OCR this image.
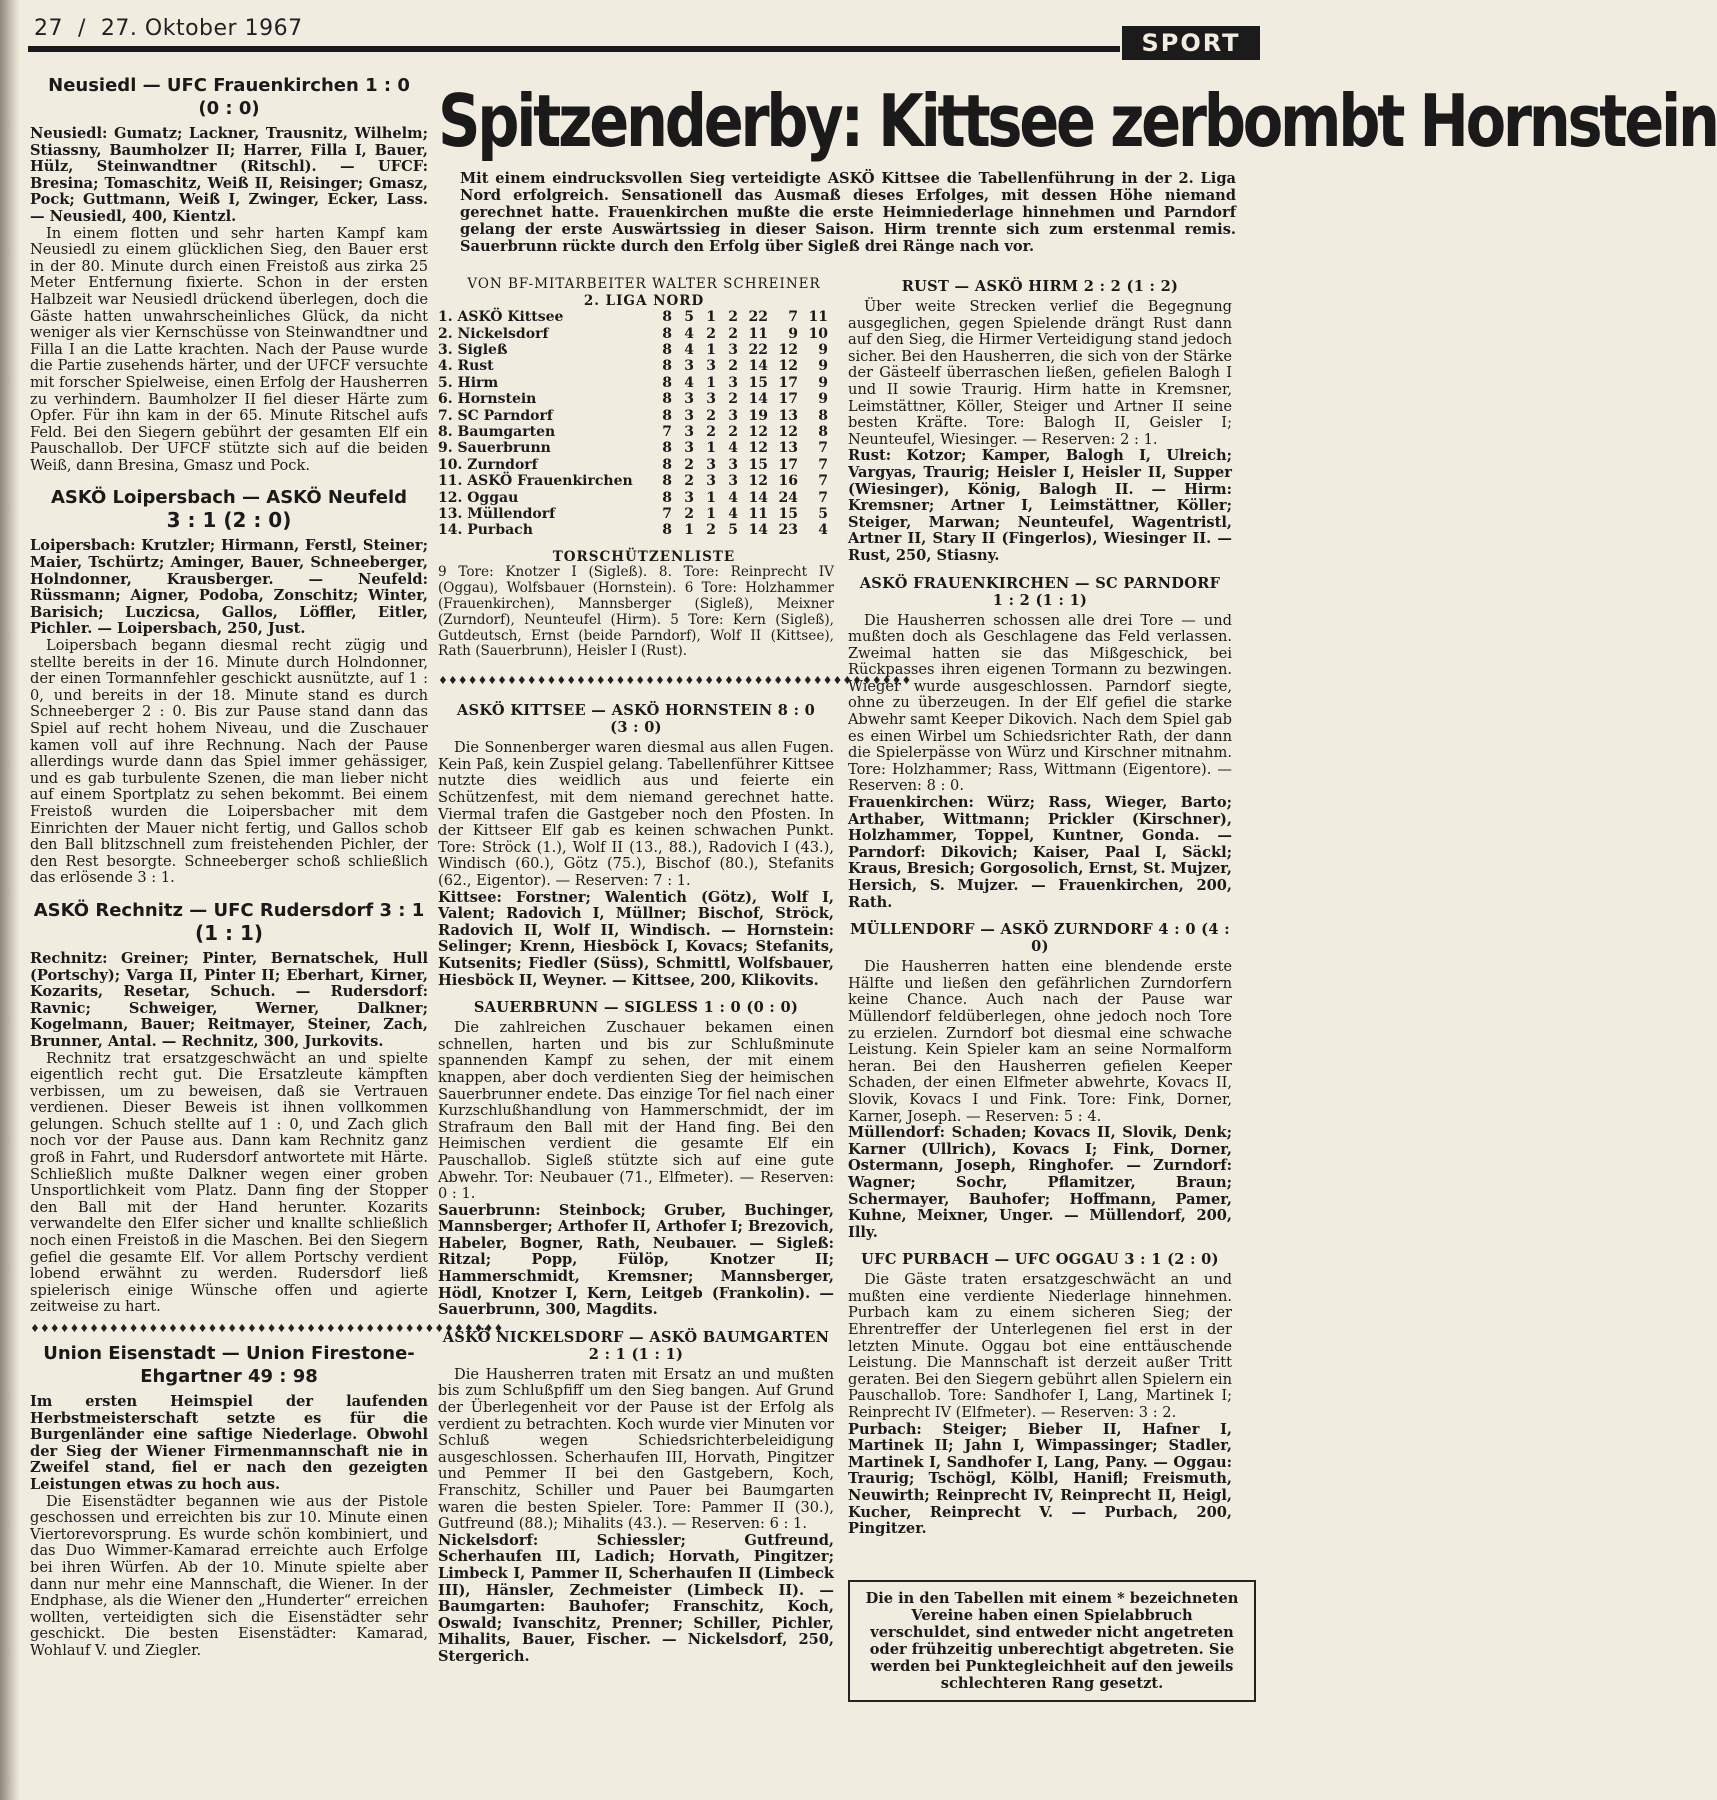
27 / 27. Oktober 1967
SPORT
Spitzenderby: Kittsee zerbombt Hornstein
Mit einem eindrucksvollen Sieg verteidigte ASKÖ Kittsee die Tabellenführung in der 2. Liga Nord erfolgreich. Sensationell das Ausmaß dieses Erfolges, mit dessen Höhe niemand gerechnet hatte. Frauenkirchen mußte die erste Heimniederlage hinnehmen und Parndorf gelang der erste Auswärtssieg in dieser Saison. Hirm trennte sich zum erstenmal remis. Sauerbrunn rückte durch den Erfolg über Sigleß drei Ränge nach vor.
Neusiedl — UFC Frauenkirchen 1 : 0
(0 : 0)

Neusiedl: Gumatz; Lackner, Trausnitz, Wilhelm; Stiassny, Baumholzer II; Harrer, Filla I, Bauer, Hülz, Steinwandtner (Ritschl). — UFCF: Bresina; Tomaschitz, Weiß II, Reisinger; Gmasz, Pock; Guttmann, Weiß I, Zwinger, Ecker, Lass. — Neusiedl, 400, Kientzl.

In einem flotten und sehr harten Kampf kam Neusiedl zu einem glücklichen Sieg, den Bauer erst in der 80. Minute durch einen Freistoß aus zirka 25 Meter Entfernung fixierte. Schon in der ersten Halbzeit war Neusiedl drückend überlegen, doch die Gäste hatten unwahrscheinliches Glück, da nicht weniger als vier Kernschüsse von Steinwandtner und Filla I an die Latte krachten. Nach der Pause wurde die Partie zusehends härter, und der UFCF versuchte mit forscher Spielweise, einen Erfolg der Hausherren zu verhindern. Baumholzer II fiel dieser Härte zum Opfer. Für ihn kam in der 65. Minute Ritschel aufs Feld. Bei den Siegern gebührt der gesamten Elf ein Pauschallob. Der UFCF stützte sich auf die beiden Weiß, dann Bresina, Gmasz und Pock.

ASKÖ Loipersbach — ASKÖ Neufeld
3 : 1 (2 : 0)

Loipersbach: Krutzler; Hirmann, Ferstl, Steiner; Maier, Tschürtz; Aminger, Bauer, Schneeberger, Holndonner, Krausberger. — Neufeld: Rüssmann; Aigner, Podoba, Zonschitz; Winter, Barisich; Luczicsa, Gallos, Löffler, Eitler, Pichler. — Loipersbach, 250, Just.

Loipersbach begann diesmal recht zügig und stellte bereits in der 16. Minute durch Holndonner, der einen Tormannfehler geschickt ausnützte, auf 1 : 0, und bereits in der 18. Minute stand es durch Schneeberger 2 : 0. Bis zur Pause stand dann das Spiel auf recht hohem Niveau, und die Zuschauer kamen voll auf ihre Rechnung. Nach der Pause allerdings wurde dann das Spiel immer gehässiger, und es gab turbulente Szenen, die man lieber nicht auf einem Sportplatz zu sehen bekommt. Bei einem Freistoß wurden die Loipersbacher mit dem Einrichten der Mauer nicht fertig, und Gallos schob den Ball blitzschnell zum freistehenden Pichler, der den Rest besorgte. Schneeberger schoß schließlich das erlösende 3 : 1.

ASKÖ Rechnitz — UFC Rudersdorf 3 : 1
(1 : 1)

Rechnitz: Greiner; Pinter, Bernatschek, Hull (Portschy); Varga II, Pinter II; Eberhart, Kirner, Kozarits, Resetar, Schuch. — Rudersdorf: Ravnic; Schweiger, Werner, Dalkner; Kogelmann, Bauer; Reitmayer, Steiner, Zach, Brunner, Antal. — Rechnitz, 300, Jurkovits.

Rechnitz trat ersatzgeschwächt an und spielte eigentlich recht gut. Die Ersatzleute kämpften verbissen, um zu beweisen, daß sie Vertrauen verdienen. Dieser Beweis ist ihnen vollkommen gelungen. Schuch stellte auf 1 : 0, und Zach glich noch vor der Pause aus. Dann kam Rechnitz ganz groß in Fahrt, und Rudersdorf antwortete mit Härte. Schließlich mußte Dalkner wegen einer groben Unsportlichkeit vom Platz. Dann fing der Stopper den Ball mit der Hand herunter. Kozarits verwandelte den Elfer sicher und knallte schließlich noch einen Freistoß in die Maschen. Bei den Siegern gefiel die gesamte Elf. Vor allem Portschy verdient lobend erwähnt zu werden. Rudersdorf ließ spielerisch einige Wünsche offen und agierte zeitweise zu hart.

♦♦♦♦♦♦♦♦♦♦♦♦♦♦♦♦♦♦♦♦♦♦♦♦♦♦♦♦♦♦♦♦♦♦♦♦♦♦♦♦♦♦♦♦♦♦♦♦
Union Eisenstadt — Union Firestone-Ehgartner 49 : 98

Im ersten Heimspiel der laufenden Herbstmeisterschaft setzte es für die Burgenländer eine saftige Niederlage. Obwohl der Sieg der Wiener Firmenmannschaft nie in Zweifel stand, fiel er nach den gezeigten Leistungen etwas zu hoch aus.

Die Eisenstädter begannen wie aus der Pistole geschossen und erreichten bis zur 10. Minute einen Viertorevorsprung. Es wurde schön kombiniert, und das Duo Wimmer-Kamarad erreichte auch Erfolge bei ihren Würfen. Ab der 10. Minute spielte aber dann nur mehr eine Mannschaft, die Wiener. In der Endphase, als die Wiener den „Hunderter“ erreichen wollten, verteidigten sich die Eisenstädter sehr geschickt. Die besten Eisenstädter: Kamarad, Wohlauf V. und Ziegler.

VON BF-MITARBEITER WALTER SCHREINER

2. LIGA NORD

1. ASKÖ Kittsee	8	5	1	2	22	7	11
2. Nickelsdorf	8	4	2	2	11	9	10
3. Sigleß	8	4	1	3	22	12	9
4. Rust	8	3	3	2	14	12	9
5. Hirm	8	4	1	3	15	17	9
6. Hornstein	8	3	3	2	14	17	9
7. SC Parndorf	8	3	2	3	19	13	8
8. Baumgarten	7	3	2	2	12	12	8
9. Sauerbrunn	8	3	1	4	12	13	7
10. Zurndorf	8	2	3	3	15	17	7
11. ASKÖ Frauenkirchen	8	2	3	3	12	16	7
12. Oggau	8	3	1	4	14	24	7
13. Müllendorf	7	2	1	4	11	15	5
14. Purbach	8	1	2	5	14	23	4

TORSCHÜTZENLISTE

9 Tore: Knotzer I (Sigleß). 8. Tore: Reinprecht IV (Oggau), Wolfsbauer (Hornstein). 6 Tore: Holzhammer (Frauenkirchen), Mannsberger (Sigleß), Meixner (Zurndorf), Neunteufel (Hirm). 5 Tore: Kern (Sigleß), Gutdeutsch, Ernst (beide Parndorf), Wolf II (Kittsee), Rath (Sauerbrunn), Heisler I (Rust).

♦♦♦♦♦♦♦♦♦♦♦♦♦♦♦♦♦♦♦♦♦♦♦♦♦♦♦♦♦♦♦♦♦♦♦♦♦♦♦♦♦♦♦♦♦♦♦♦
ASKÖ KITTSEE — ASKÖ HORNSTEIN 8 : 0
(3 : 0)

Die Sonnenberger waren diesmal aus allen Fugen. Kein Paß, kein Zuspiel gelang. Tabellenführer Kittsee nutzte dies weidlich aus und feierte ein Schützenfest, mit dem niemand gerechnet hatte. Viermal trafen die Gastgeber noch den Pfosten. In der Kittseer Elf gab es keinen schwachen Punkt. Tore: Ströck (1.), Wolf II (13., 88.), Radovich I (43.), Windisch (60.), Götz (75.), Bischof (80.), Stefanits (62., Eigentor). — Reserven: 7 : 1.

Kittsee: Forstner; Walentich (Götz), Wolf I, Valent; Radovich I, Müllner; Bischof, Ströck, Radovich II, Wolf II, Windisch. — Hornstein: Selinger; Krenn, Hiesböck I, Kovacs; Stefanits, Kutsenits; Fiedler (Süss), Schmittl, Wolfsbauer, Hiesböck II, Weyner. — Kittsee, 200, Klikovits.

SAUERBRUNN — SIGLESS 1 : 0 (0 : 0)

Die zahlreichen Zuschauer bekamen einen schnellen, harten und bis zur Schlußminute spannenden Kampf zu sehen, der mit einem knappen, aber doch verdienten Sieg der heimischen Sauerbrunner endete. Das einzige Tor fiel nach einer Kurzschlußhandlung von Hammerschmidt, der im Strafraum den Ball mit der Hand fing. Bei den Heimischen verdient die gesamte Elf ein Pauschallob. Sigleß stützte sich auf eine gute Abwehr. Tor: Neubauer (71., Elfmeter). — Reserven: 0 : 1.

Sauerbrunn: Steinbock; Gruber, Buchinger, Mannsberger; Arthofer II, Arthofer I; Brezovich, Habeler, Bogner, Rath, Neubauer. — Sigleß: Ritzal; Popp, Fülöp, Knotzer II; Hammerschmidt, Kremsner; Mannsberger, Hödl, Knotzer I, Kern, Leitgeb (Frankolin). — Sauerbrunn, 300, Magdits.

ASKÖ NICKELSDORF — ASKÖ BAUMGARTEN
2 : 1 (1 : 1)

Die Hausherren traten mit Ersatz an und mußten bis zum Schlußpfiff um den Sieg bangen. Auf Grund der Überlegenheit vor der Pause ist der Erfolg als verdient zu betrachten. Koch wurde vier Minuten vor Schluß wegen Schiedsrichterbeleidigung ausgeschlossen. Scherhaufen III, Horvath, Pingitzer und Pemmer II bei den Gastgebern, Koch, Franschitz, Schiller und Pauer bei Baumgarten waren die besten Spieler. Tore: Pammer II (30.), Gutfreund (88.); Mihalits (43.). — Reserven: 6 : 1.

Nickelsdorf: Schiessler; Gutfreund, Scherhaufen III, Ladich; Horvath, Pingitzer; Limbeck I, Pammer II, Scherhaufen II (Limbeck III), Hänsler, Zechmeister (Limbeck II). — Baumgarten: Bauhofer; Franschitz, Koch, Oswald; Ivanschitz, Prenner; Schiller, Pichler, Mihalits, Bauer, Fischer. — Nickelsdorf, 250, Stergerich.

RUST — ASKÖ HIRM 2 : 2 (1 : 2)

Über weite Strecken verlief die Begegnung ausgeglichen, gegen Spielende drängt Rust dann auf den Sieg, die Hirmer Verteidigung stand jedoch sicher. Bei den Hausherren, die sich von der Stärke der Gästeelf überraschen ließen, gefielen Balogh I und II sowie Traurig. Hirm hatte in Kremsner, Leimstättner, Köller, Steiger und Artner II seine besten Kräfte. Tore: Balogh II, Geisler I; Neunteufel, Wiesinger. — Reserven: 2 : 1.

Rust: Kotzor; Kamper, Balogh I, Ulreich; Vargyas, Traurig; Heisler I, Heisler II, Supper (Wiesinger), König, Balogh II. — Hirm: Kremsner; Artner I, Leimstättner, Köller; Steiger, Marwan; Neunteufel, Wagentristl, Artner II, Stary II (Fingerlos), Wiesinger II. — Rust, 250, Stiasny.

ASKÖ FRAUENKIRCHEN — SC PARNDORF
1 : 2 (1 : 1)

Die Hausherren schossen alle drei Tore — und mußten doch als Geschlagene das Feld verlassen. Zweimal hatten sie das Mißgeschick, bei Rückpasses ihren eigenen Tormann zu bezwingen. Wieger wurde ausgeschlossen. Parndorf siegte, ohne zu überzeugen. In der Elf gefiel die starke Abwehr samt Keeper Dikovich. Nach dem Spiel gab es einen Wirbel um Schiedsrichter Rath, der dann die Spielerpässe von Würz und Kirschner mitnahm. Tore: Holzhammer; Rass, Wittmann (Eigentore). — Reserven: 8 : 0.

Frauenkirchen: Würz; Rass, Wieger, Barto; Arthaber, Wittmann; Prickler (Kirschner), Holzhammer, Toppel, Kuntner, Gonda. — Parndorf: Dikovich; Kaiser, Paal I, Säckl; Kraus, Bresich; Gorgosolich, Ernst, St. Mujzer, Hersich, S. Mujzer. — Frauenkirchen, 200, Rath.

MÜLLENDORF — ASKÖ ZURNDORF 4 : 0 (4 : 0)

Die Hausherren hatten eine blendende erste Hälfte und ließen den gefährlichen Zurndorfern keine Chance. Auch nach der Pause war Müllendorf feldüberlegen, ohne jedoch noch Tore zu erzielen. Zurndorf bot diesmal eine schwache Leistung. Kein Spieler kam an seine Normalform heran. Bei den Hausherren gefielen Keeper Schaden, der einen Elfmeter abwehrte, Kovacs II, Slovik, Kovacs I und Fink. Tore: Fink, Dorner, Karner, Joseph. — Reserven: 5 : 4.

Müllendorf: Schaden; Kovacs II, Slovik, Denk; Karner (Ullrich), Kovacs I; Fink, Dorner, Ostermann, Joseph, Ringhofer. — Zurndorf: Wagner; Sochr, Pflamitzer, Braun; Schermayer, Bauhofer; Hoffmann, Pamer, Kuhne, Meixner, Unger. — Müllendorf, 200, Illy.

UFC PURBACH — UFC OGGAU 3 : 1 (2 : 0)

Die Gäste traten ersatzgeschwächt an und mußten eine verdiente Niederlage hinnehmen. Purbach kam zu einem sicheren Sieg; der Ehrentreffer der Unterlegenen fiel erst in der letzten Minute. Oggau bot eine enttäuschende Leistung. Die Mannschaft ist derzeit außer Tritt geraten. Bei den Siegern gebührt allen Spielern ein Pauschallob. Tore: Sandhofer I, Lang, Martinek I; Reinprecht IV (Elfmeter). — Reserven: 3 : 2.

Purbach: Steiger; Bieber II, Hafner I, Martinek II; Jahn I, Wimpassinger; Stadler, Martinek I, Sandhofer I, Lang, Pany. — Oggau: Traurig; Tschögl, Kölbl, Hanifl; Freismuth, Neuwirth; Reinprecht IV, Reinprecht II, Heigl, Kucher, Reinprecht V. — Purbach, 200, Pingitzer.

Die in den Tabellen mit einem * bezeichneten Vereine haben einen Spielabbruch verschuldet, sind entweder nicht angetreten oder frühzeitig unberechtigt abgetreten. Sie werden bei Punktegleichheit auf den jeweils schlechteren Rang gesetzt.
